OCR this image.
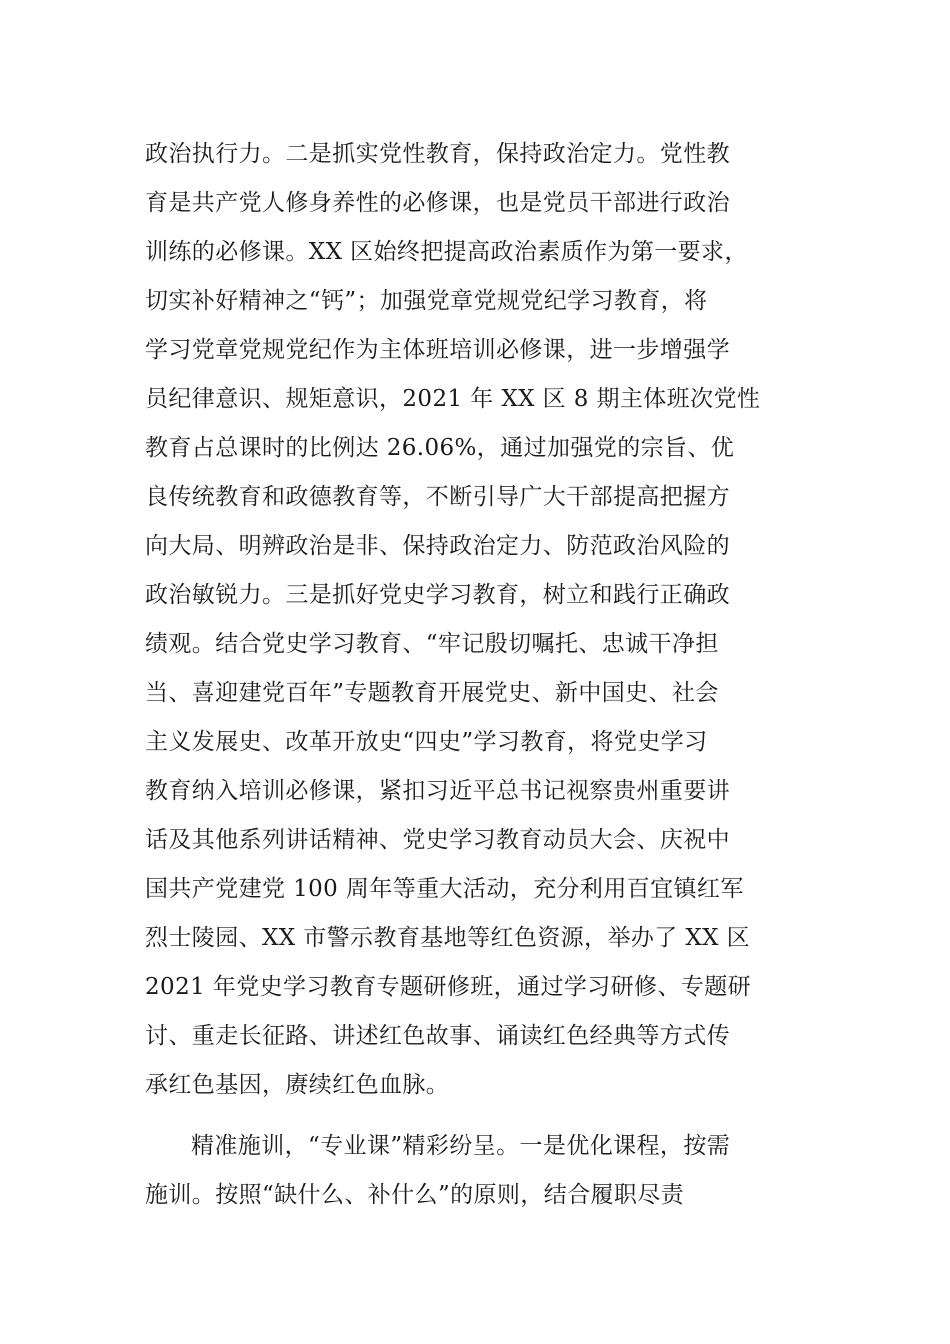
政治执行力。二是抓实党性教育，保持政治定力。党性教
育是共产党人修身养性的必修课，也是党员干部进行政治
训练的必修课。XX 区始终把提高政治素质作为第一要求，
切实补好精神之“钙”；加强党章党规党纪学习教育，将
学习党章党规党纪作为主体班培训必修课，进一步增强学
员纪律意识、规矩意识，2021 年 XX 区 8 期主体班次党性
教育占总课时的比例达 26.06%，通过加强党的宗旨、优
良传统教育和政德教育等，不断引导广大干部提高把握方
向大局、明辨政治是非、保持政治定力、防范政治风险的
政治敏锐力。三是抓好党史学习教育，树立和践行正确政
绩观。结合党史学习教育、“牢记殷切嘱托、忠诚干净担
当、喜迎建党百年”专题教育开展党史、新中国史、社会
主义发展史、改革开放史“四史”学习教育，将党史学习
教育纳入培训必修课，紧扣习近平总书记视察贵州重要讲
话及其他系列讲话精神、党史学习教育动员大会、庆祝中
国共产党建党 100 周年等重大活动，充分利用百宜镇红军
烈士陵园、XX 市警示教育基地等红色资源，举办了 XX 区
2021 年党史学习教育专题研修班，通过学习研修、专题研
讨、重走长征路、讲述红色故事、诵读红色经典等方式传
承红色基因，赓续红色血脉。
精准施训，“专业课”精彩纷呈。一是优化课程，按需
施训。按照“缺什么、补什么”的原则，结合履职尽责
